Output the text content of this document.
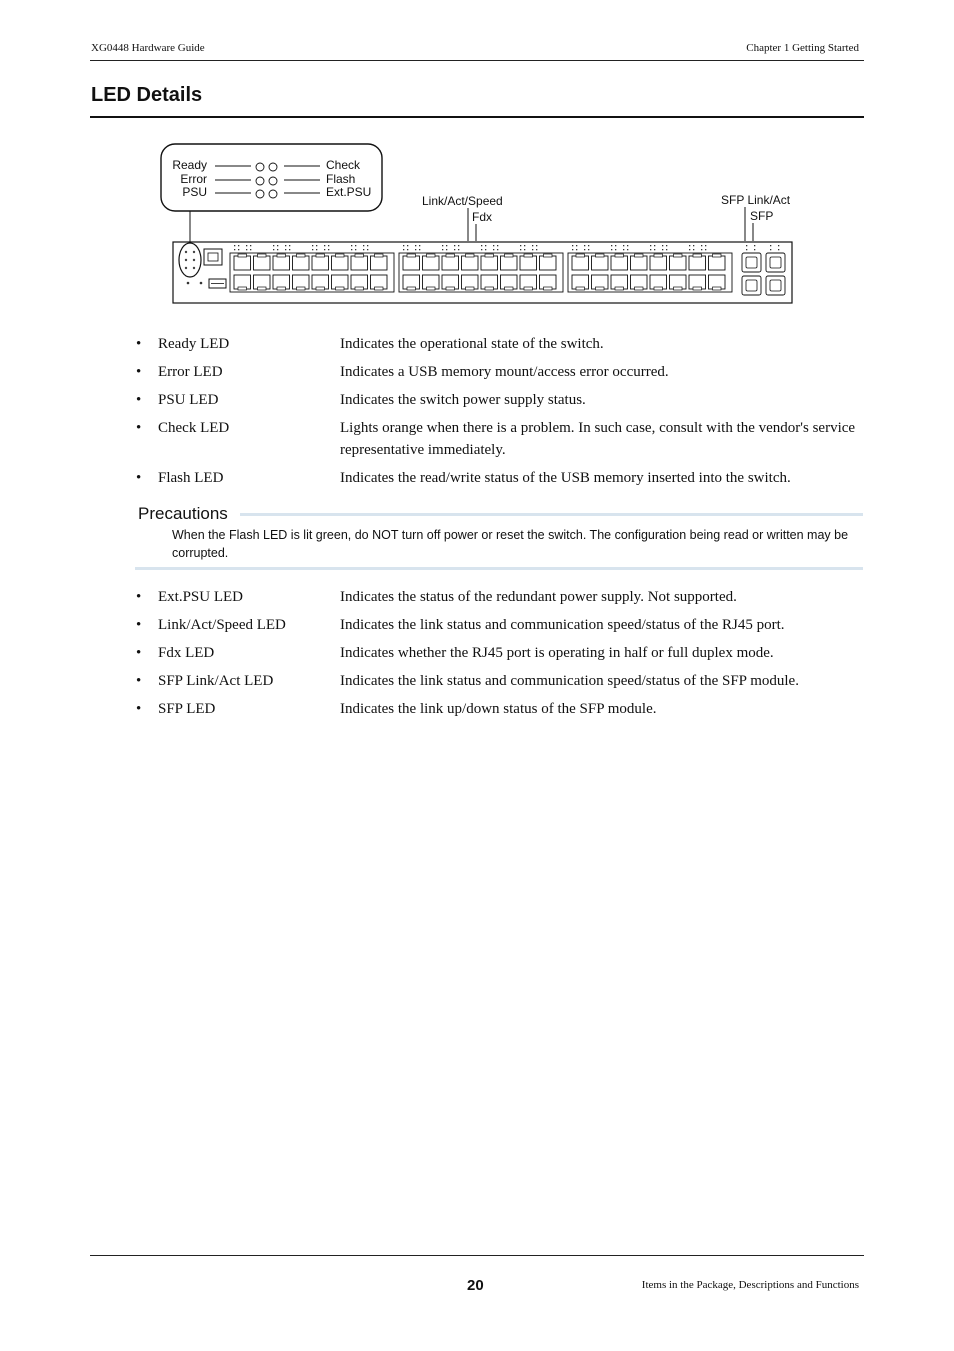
XG0448 Hardware Guide	Chapter 1 Getting Started
LED Details
Ready
Error
PSU
Check
Flash
Ext.PSU
Link/Act/Speed
Fdx
SFP Link/Act
SFP
• Ready LED	Indicates the operational state of the switch.
• Error LED	Indicates a USB memory mount/access error occurred.
• PSU LED	Indicates the switch power supply status.
• Check LED	Lights orange when there is a problem. In such case, consult with the vendor's service representative immediately.
• Flash LED	Indicates the read/write status of the USB memory inserted into the switch.
Precautions
When the Flash LED is lit green, do NOT turn off power or reset the switch. The configuration being read or written may be corrupted.
• Ext.PSU LED	Indicates the status of the redundant power supply. Not supported.
• Link/Act/Speed LED	Indicates the link status and communication speed/status of the RJ45 port.
• Fdx LED	Indicates whether the RJ45 port is operating in half or full duplex mode.
• SFP Link/Act LED	Indicates the link status and communication speed/status of the SFP module.
• SFP LED	Indicates the link up/down status of the SFP module.
20	Items in the Package, Descriptions and Functions
